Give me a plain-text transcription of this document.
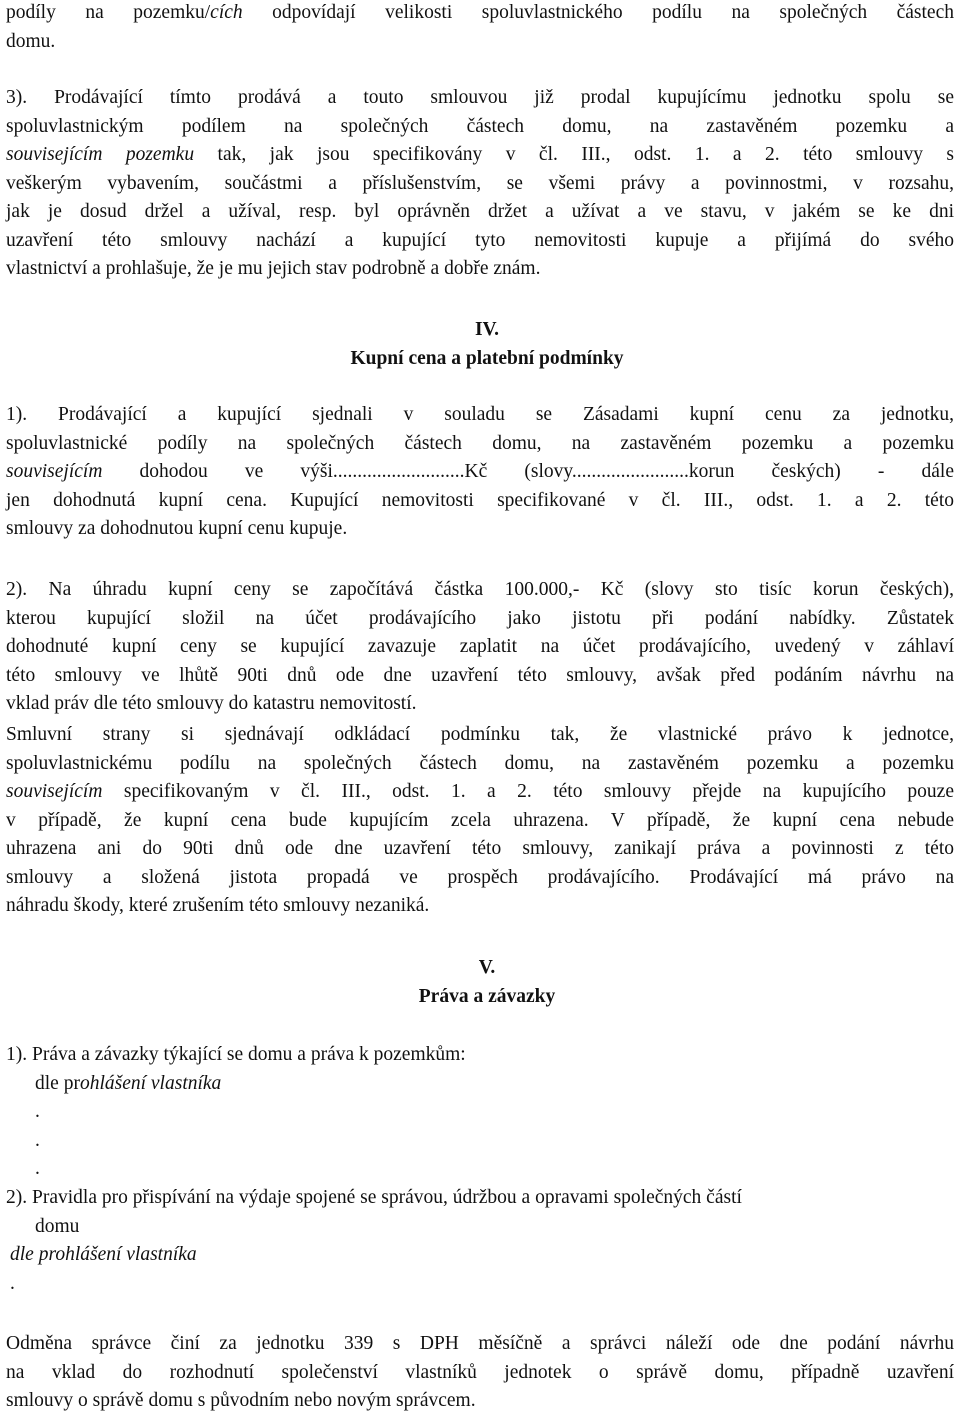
podíly na pozemku/cích odpovídají velikosti spoluvlastnického podílu na společných částech
domu.
3). Prodávající tímto prodává a touto smlouvou již prodal kupujícímu jednotku spolu se
spoluvlastnickým podílem na společných částech domu, na zastavěném pozemku a
souvisejícím pozemku tak, jak jsou specifikovány v čl. III., odst. 1. a 2. této smlouvy s
veškerým vybavením, součástmi a příslušenstvím, se všemi právy a povinnostmi, v rozsahu,
jak je dosud držel a užíval, resp. byl oprávněn držet a užívat a ve stavu, v jakém se ke dni
uzavření této smlouvy nachází a kupující tyto nemovitosti kupuje a přijímá do svého
vlastnictví a prohlašuje, že je mu jejich stav podrobně a dobře znám.
IV.
Kupní cena a platební podmínky
1). Prodávající a kupující sjednali v souladu se Zásadami kupní cenu za jednotku,
spoluvlastnické podíly na společných částech domu, na zastavěném pozemku a pozemku
souvisejícím dohodou ve výši...........................Kč (slovy........................korun českých) - dále
jen dohodnutá kupní cena. Kupující nemovitosti specifikované v čl. III., odst. 1. a 2. této
smlouvy za dohodnutou kupní cenu kupuje.
2). Na úhradu kupní ceny se započítává částka 100.000,- Kč (slovy sto tisíc korun českých),
kterou kupující složil na účet prodávajícího jako jistotu při podání nabídky. Zůstatek
dohodnuté kupní ceny se kupující zavazuje zaplatit na účet prodávajícího, uvedený v záhlaví
této smlouvy ve lhůtě 90ti dnů ode dne uzavření této smlouvy, avšak před podáním návrhu na
vklad práv dle této smlouvy do katastru nemovitostí.
Smluvní strany si sjednávají odkládací podmínku tak, že vlastnické právo k jednotce,
spoluvlastnickému podílu na společných částech domu, na zastavěném pozemku a pozemku
souvisejícím specifikovaným v čl. III., odst. 1. a 2. této smlouvy přejde na kupujícího pouze
v případě, že kupní cena bude kupujícím zcela uhrazena. V případě, že kupní cena nebude
uhrazena ani do 90ti dnů ode dne uzavření této smlouvy, zanikají práva a povinnosti z této
smlouvy a složená jistota propadá ve prospěch prodávajícího. Prodávající má právo na
náhradu škody, které zrušením této smlouvy nezaniká.
V.
Práva a závazky
1). Práva a závazky týkající se domu a práva k pozemkům:
dle prohlášení vlastníka
.
.
.
2). Pravidla pro přispívání na výdaje spojené se správou, údržbou a opravami společných částí
domu
dle prohlášení vlastníka
.
Odměna správce činí za jednotku 339 s DPH měsíčně a správci náleží ode dne podání návrhu
na vklad do rozhodnutí společenství vlastníků jednotek o správě domu, případně uzavření
smlouvy o správě domu s původním nebo novým správcem.
